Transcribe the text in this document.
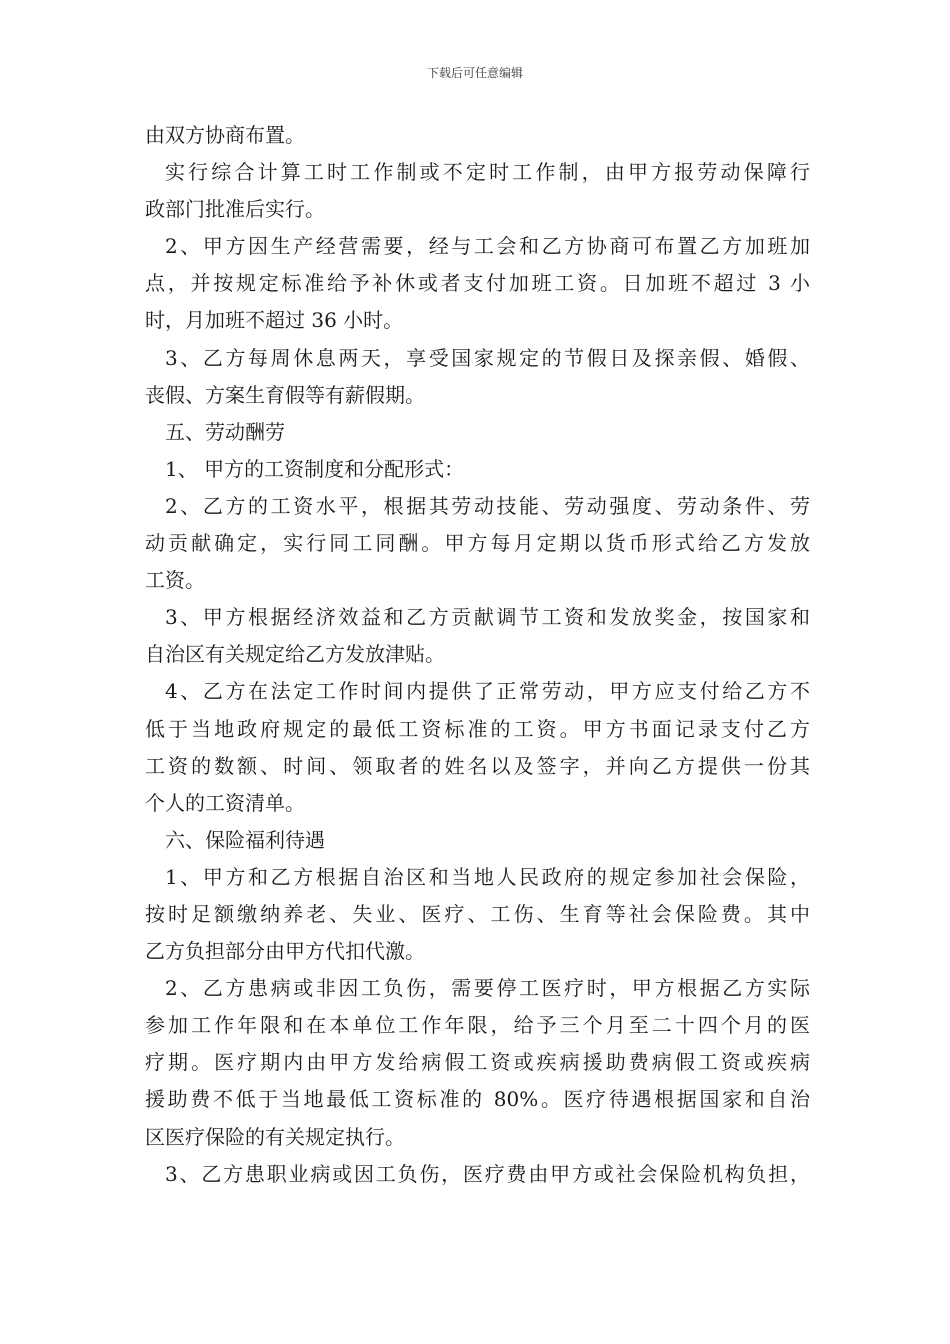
下载后可任意编辑
由双方协商布置。
实行综合计算工时工作制或不定时工作制，由甲方报劳动保障行
政部门批准后实行。
2、甲方因生产经营需要，经与工会和乙方协商可布置乙方加班加
点，并按规定标准给予补休或者支付加班工资。日加班不超过 3 小
时，月加班不超过 36 小时。
3、乙方每周休息两天，享受国家规定的节假日及探亲假、婚假、
丧假、方案生育假等有薪假期。
五、劳动酬劳
1、 甲方的工资制度和分配形式：
2、乙方的工资水平，根据其劳动技能、劳动强度、劳动条件、劳
动贡献确定，实行同工同酬。甲方每月定期以货币形式给乙方发放
工资。
3、甲方根据经济效益和乙方贡献调节工资和发放奖金，按国家和
自治区有关规定给乙方发放津贴。
4、乙方在法定工作时间内提供了正常劳动，甲方应支付给乙方不
低于当地政府规定的最低工资标准的工资。甲方书面记录支付乙方
工资的数额、时间、领取者的姓名以及签字，并向乙方提供一份其
个人的工资清单。
六、保险福利待遇
1、甲方和乙方根据自治区和当地人民政府的规定参加社会保险，
按时足额缴纳养老、失业、医疗、工伤、生育等社会保险费。其中
乙方负担部分由甲方代扣代激。
2、乙方患病或非因工负伤，需要停工医疗时，甲方根据乙方实际
参加工作年限和在本单位工作年限，给予三个月至二十四个月的医
疗期。医疗期内由甲方发给病假工资或疾病援助费病假工资或疾病
援助费不低于当地最低工资标准的 80%。医疗待遇根据国家和自治
区医疗保险的有关规定执行。
3、乙方患职业病或因工负伤，医疗费由甲方或社会保险机构负担，
